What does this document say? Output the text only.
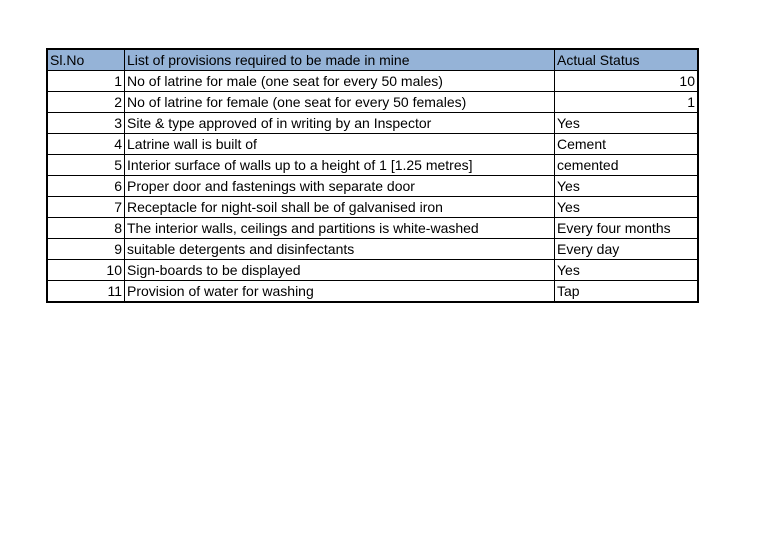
Sl.No	List of provisions required to be made in mine	Actual Status
1	No of latrine for male (one seat for every 50 males)	10
2	No of latrine for female (one seat for every 50 females)	1
3	Site & type approved of in writing by an Inspector	Yes
4	Latrine wall is built of	Cement
5	Interior surface of walls up to a height of 1 [1.25 metres]	cemented
6	Proper door and fastenings with separate door	Yes
7	Receptacle for night-soil shall be of galvanised iron	Yes
8	The interior walls, ceilings and partitions is white-washed	Every four months
9	suitable detergents and disinfectants	Every day
10	Sign-boards to be displayed	Yes
11	Provision of water for washing	Tap
